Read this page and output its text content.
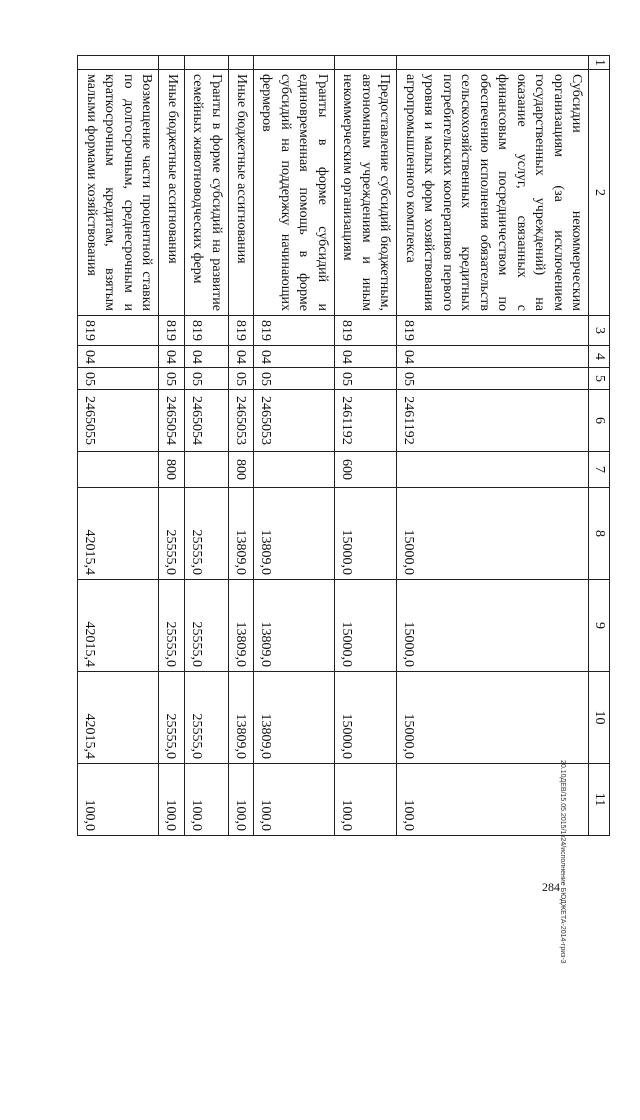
1	2	3	4	5	6	7	8	9	10	11
	Субсидии некоммерческим организациям (за исключением государственных учреждений) на оказание услуг, связанных с финансовым посредничеством по обеспечению исполнения обязательств сельскохозяйственных кредитных потребительских кооперативов первого уровня и малых форм хозяйствования агропромышленного комплекса	819	04	05	2461192		15000,0	15000,0	15000,0	100,0
	Предоставление субсидий бюджетным, автономным учреждениям и иным некоммерческим организациям	819	04	05	2461192	600	15000,0	15000,0	15000,0	100,0
	Гранты в форме субсидий и единовременная помощь в форме субсидий на поддержку начинающих фермеров	819	04	05	2465053		13809,0	13809,0	13809,0	100,0
	Иные бюджетные ассигнования	819	04	05	2465053	800	13809,0	13809,0	13809,0	100,0
	Гранты в форме субсидий на развитие семейных животноводческих ферм	819	04	05	2465054		25555,0	25555,0	25555,0	100,0
	Иные бюджетные ассигнования	819	04	05	2465054	800	25555,0	25555,0	25555,0	100,0
	Возмещение части процентной ставки по долгосрочным, среднесрочным и краткосрочным кредитам, взятым малыми формами хозяйствования	819	04	05	2465055		42015,4	42015,4	42015,4	100,0	20.10ДЕВ/15.05.2015/1к24/исполнение БЮДЖЕТА-2014-гриз-3
284
